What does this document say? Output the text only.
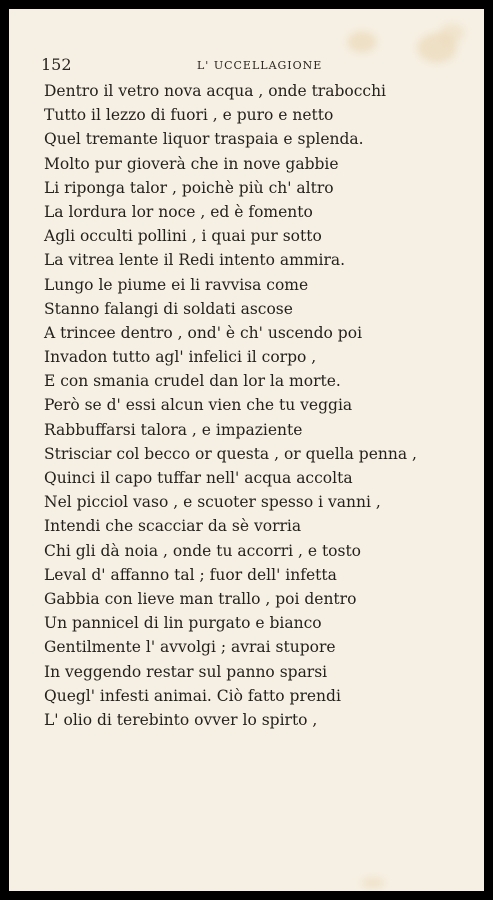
152	L' UCCELLAGIONE
Dentro il vetro nova acqua , onde trabocchi
Tutto il lezzo di fuori , e puro e netto
Quel tremante liquor traspaia e splenda.
Molto pur gioverà che in nove gabbie
Li riponga talor , poichè più ch' altro
La lordura lor noce , ed è fomento
Agli occulti pollini , i quai pur sotto
La vitrea lente il Redi intento ammira.
Lungo le piume ei li ravvisa come
Stanno falangi di soldati ascose
A trincee dentro , ond' è ch' uscendo poi
Invadon tutto agl' infelici il corpo ,
E con smania crudel dan lor la morte.
Però se d' essi alcun vien che tu veggia
Rabbuffarsi talora , e impaziente
Strisciar col becco or questa , or quella penna ,
Quinci il capo tuffar nell' acqua accolta
Nel picciol vaso , e scuoter spesso i vanni ,
Intendi che scacciar da sè vorria
Chi gli dà noia , onde tu accorri , e tosto
Leval d' affanno tal ; fuor dell' infetta
Gabbia con lieve man trallo , poi dentro
Un pannicel di lin purgato e bianco
Gentilmente l' avvolgi ; avrai stupore
In veggendo restar sul panno sparsi
Quegl' infesti animai. Ciò fatto prendi
L' olio di terebinto ovver lo spirto ,
